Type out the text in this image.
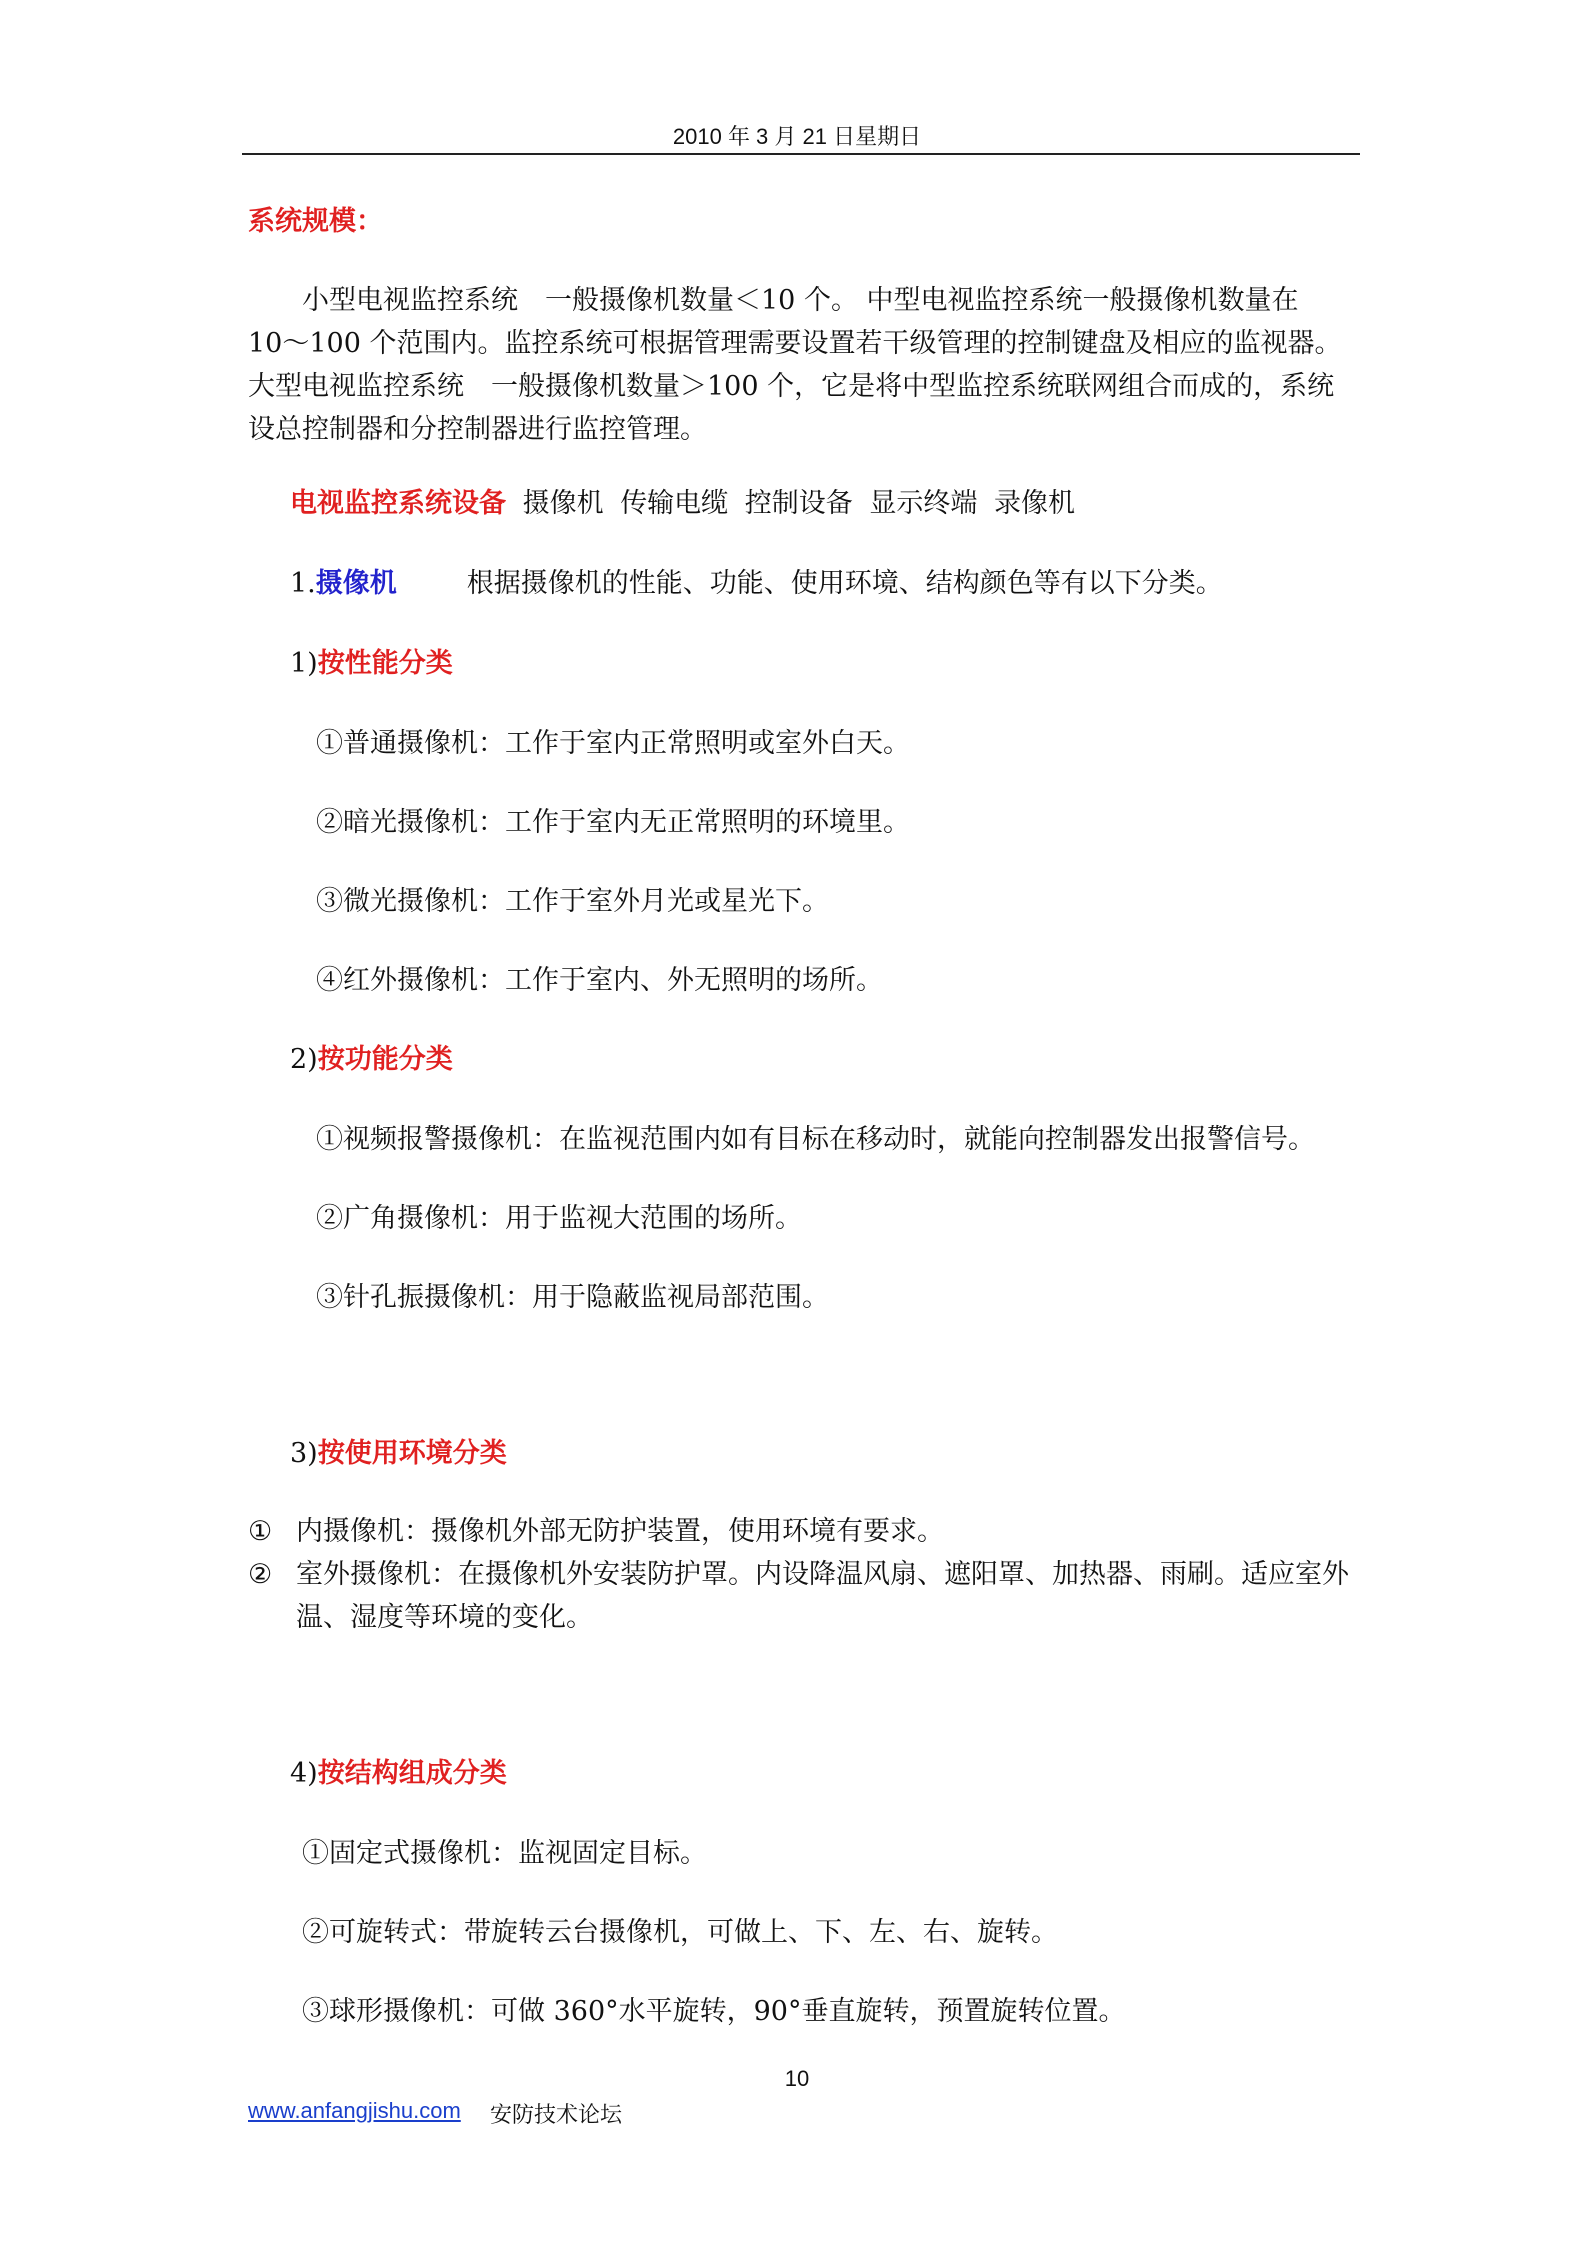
2010 年 3 月 21 日星期日
系统规模：
小型电视监控系统　一般摄像机数量＜10 个。 中型电视监控系统一般摄像机数量在
10～100 个范围内。监控系统可根据管理需要设置若干级管理的控制键盘及相应的监视器。
大型电视监控系统　一般摄像机数量＞100 个，它是将中型监控系统联网组合而成的，系统
设总控制器和分控制器进行监控管理。
电视监控系统设备 摄像机 传输电缆 控制设备 显示终端 录像机
1.摄像机	根据摄像机的性能、功能、使用环境、结构颜色等有以下分类。
1)按性能分类
①普通摄像机：工作于室内正常照明或室外白天。
②暗光摄像机：工作于室内无正常照明的环境里。
③微光摄像机：工作于室外月光或星光下。
④红外摄像机：工作于室内、外无照明的场所。
2)按功能分类
①视频报警摄像机：在监视范围内如有目标在移动时，就能向控制器发出报警信号。
②广角摄像机：用于监视大范围的场所。
③针孔振摄像机：用于隐蔽监视局部范围。
3)按使用环境分类
① 内摄像机：摄像机外部无防护装置，使用环境有要求。
② 室外摄像机：在摄像机外安装防护罩。内设降温风扇、遮阳罩、加热器、雨刷。适应室外温、湿度等环境的变化。
4)按结构组成分类
①固定式摄像机：监视固定目标。
②可旋转式：带旋转云台摄像机，可做上、下、左、右、旋转。
③球形摄像机：可做 360°水平旋转，90°垂直旋转，预置旋转位置。
10
www.anfangjishu.com 安防技术论坛
